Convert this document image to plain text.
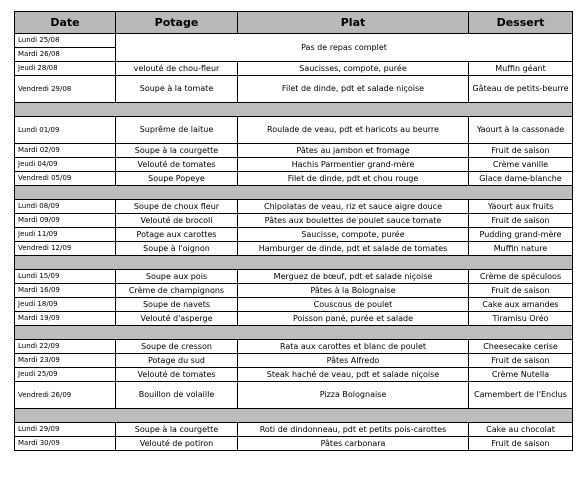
Date	Potage	Plat	Dessert
Lundi 25/08	Pas de repas complet		
Mardi 26/08			
Jeudi 28/08	velouté de chou-fleur	Saucisses, compote, purée	Muffin géant
Vendredi 29/08	Soupe à la tomate	Filet de dinde, pdt et salade niçoise	Gâteau de petits-beurre

Lundi 01/09	Suprême de laitue	Roulade de veau, pdt et haricots au beurre	Yaourt à la cassonade
Mardi 02/09	Soupe à la courgette	Pâtes au jambon et fromage	Fruit de saison
Jeudi 04/09	Velouté de tomates	Hachis Parmentier grand-mère	Crème vanille
Vendredi 05/09	Soupe Popeye	Filet de dinde, pdt et chou rouge	Glace dame-blanche

Lundi 08/09	Soupe de choux fleur	Chipolatas de veau, riz et sauce aigre douce	Yaourt aux fruits
Mardi 09/09	Velouté de brocoli	Pâtes aux boulettes de poulet sauce tomate	Fruit de saison
Jeudi 11/09	Potage aux carottes	Saucisse, compote, purée	Pudding grand-mère
Vendredi 12/09	Soupe à l'oignon	Hamburger de dinde, pdt et salade de tomates	Muffin nature

Lundi 15/09	Soupe aux pois	Merguez de bœuf, pdt et salade niçoise	Crème de spéculoos
Mardi 16/09	Crème de champignons	Pâtes à la Bolognaise	Fruit de saison
Jeudi 18/09	Soupe de navets	Couscous de poulet	Cake aux amandes
Mardi 19/09	Velouté d'asperge	Poisson pané, purée et salade	Tiramisu Oréo

Lundi 22/09	Soupe de cresson	Rata aux carottes et blanc de poulet	Cheesecake cerise
Mardi 23/09	Potage du sud	Pâtes Alfredo	Fruit de saison
Jeudi 25/09	Velouté de tomates	Steak haché de veau, pdt et salade niçoise	Crème Nutella
Vendredi 26/09	Bouillon de volaille	Pizza Bolognaise	Camembert de l'Enclus

Lundi 29/09	Soupe à la courgette	Roti de dindonneau, pdt et petits pois-carottes	Cake au chocolat
Mardi 30/09	Velouté de potiron	Pâtes carbonara	Fruit de saison
